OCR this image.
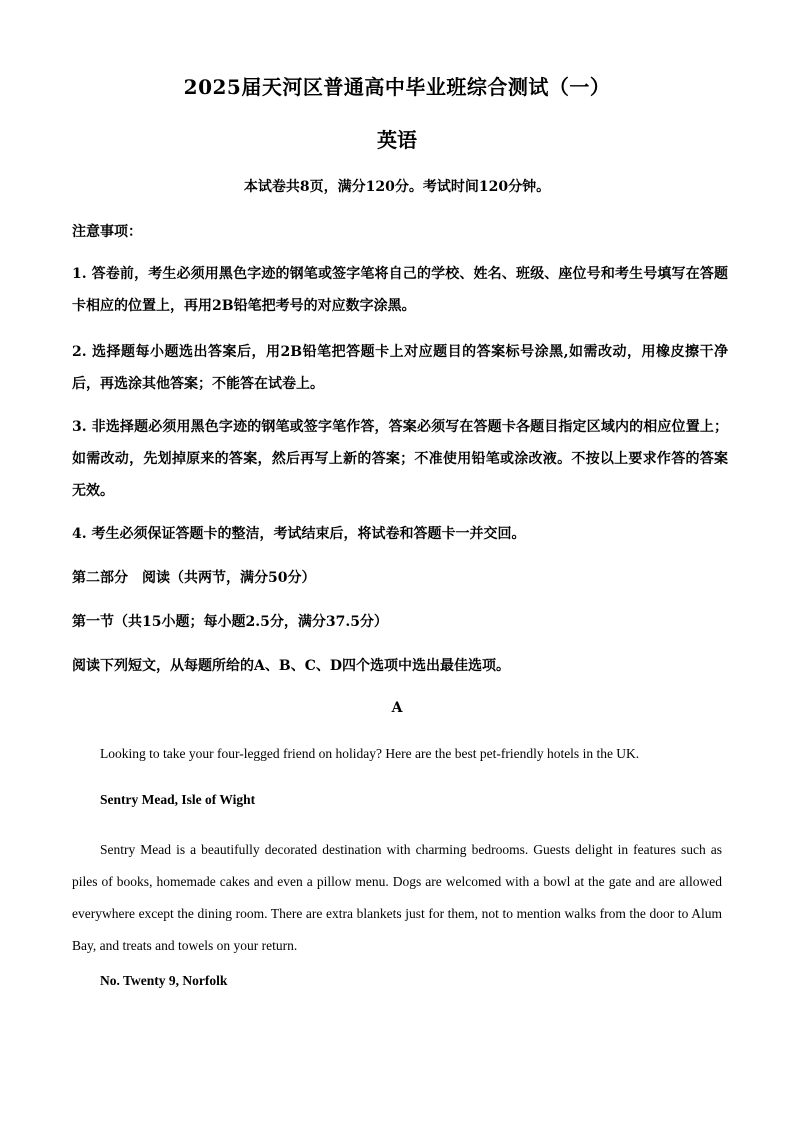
2025届天河区普通高中毕业班综合测试（一）
英语
本试卷共8页，满分120分。考试时间120分钟。

注意事项：

1. 答卷前，考生必须用黑色字迹的钢笔或签字笔将自己的学校、姓名、班级、座位号和考生号填写在答题卡相应的位置上，再用2B铅笔把考号的对应数字涂黑。

2. 选择题每小题选出答案后，用2B铅笔把答题卡上对应题目的答案标号涂黑,如需改动，用橡皮擦干净后，再选涂其他答案；不能答在试卷上。

3. 非选择题必须用黑色字迹的钢笔或签字笔作答，答案必须写在答题卡各题目指定区域内的相应位置上；如需改动，先划掉原来的答案，然后再写上新的答案；不准使用铅笔或涂改液。不按以上要求作答的答案无效。

4. 考生必须保证答题卡的整洁，考试结束后，将试卷和答题卡一并交回。

第二部分　阅读（共两节，满分50分）

第一节（共15小题；每小题2.5分，满分37.5分）

阅读下列短文，从每题所给的A、B、C、D四个选项中选出最佳选项。

A

Looking to take your four-legged friend on holiday? Here are the best pet-friendly hotels in the UK.

Sentry Mead, Isle of Wight

Sentry Mead is a beautifully decorated destination with charming bedrooms. Guests delight in features such as piles of books, homemade cakes and even a pillow menu. Dogs are welcomed with a bowl at the gate and are allowed everywhere except the dining room. There are extra blankets just for them, not to mention walks from the door to Alum Bay, and treats and towels on your return.

No. Twenty 9, Norfolk
